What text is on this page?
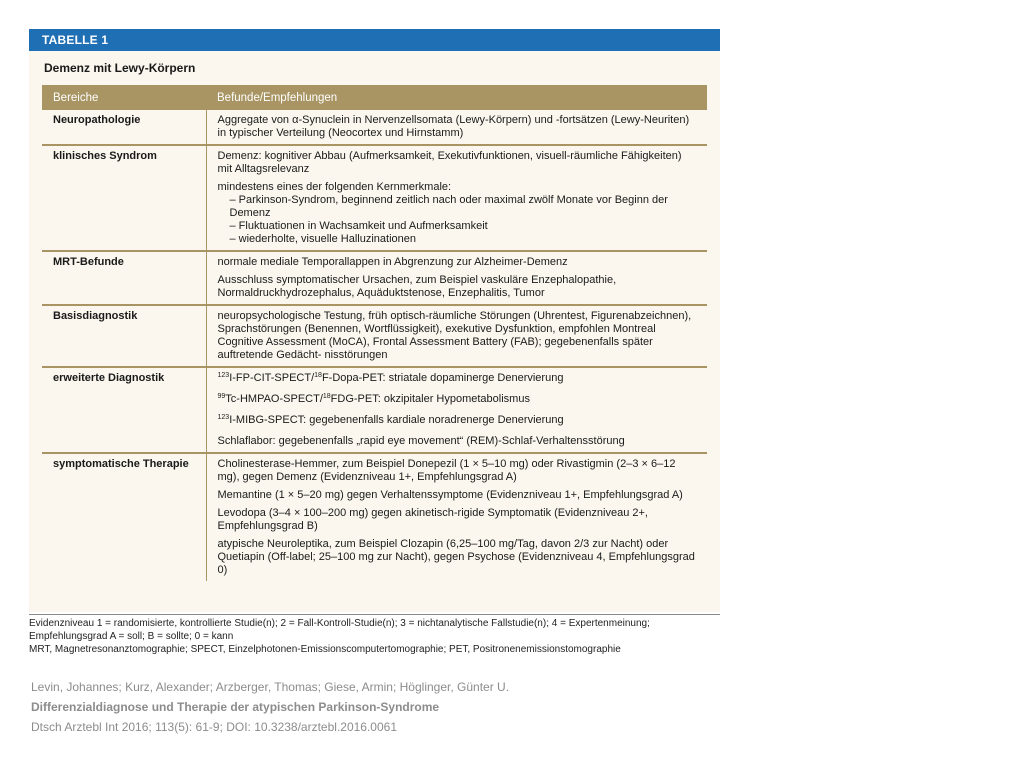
TABELLE 1
Demenz mit Lewy-Körpern
Bereiche	Befunde/Empfehlungen
Neuropathologie	Aggregate von α-Synuclein in Nervenzellsomata (Lewy-Körpern) und -fortsätzen (Lewy-Neuriten) in typischer Verteilung (Neocortex und Hirnstamm)

klinisches Syndrom	Demenz: kognitiver Abbau (Aufmerksamkeit, Exekutivfunktionen, visuell-räumliche Fähigkeiten) mit Alltagsrelevanz
mindestens eines der folgenden Kernmerkmale:
– Parkinson-Syndrom, beginnend zeitlich nach oder maximal zwölf Monate vor Beginn der Demenz
– Fluktuationen in Wachsamkeit und Aufmerksamkeit
– wiederholte, visuelle Halluzinationen

MRT-Befunde	normale mediale Temporallappen in Abgrenzung zur Alzheimer-Demenz
Ausschluss symptomatischer Ursachen, zum Beispiel vaskuläre Enzephalopathie, Normaldruckhydrozephalus, Aquäduktstenose, Enzephalitis, Tumor

Basisdiagnostik	neuropsychologische Testung, früh optisch-räumliche Störungen (Uhrentest, Figurenabzeichnen), Sprachstörungen (Benennen, Wortflüssigkeit), exekutive Dysfunktion, empfohlen Montreal Cognitive Assessment (MoCA), Frontal Assessment Battery (FAB); gegebenenfalls später auftretende Gedächt- nisstörungen

erweiterte Diagnostik	$^{123}$I-FP-CIT-SPECT/$^{18}$F-Dopa-PET: striatale dopaminerge Denervierung
$^{99}$Tc-HMPAO-SPECT/$^{18}$FDG-PET: okzipitaler Hypometabolismus
$^{123}$I-MIBG-SPECT: gegebenenfalls kardiale noradrenerge Denervierung
Schlaflabor: gegebenenfalls „rapid eye movement“ (REM)-Schlaf-Verhaltensstörung

symptomatische Therapie	Cholinesterase-Hemmer, zum Beispiel Donepezil (1 × 5–10 mg) oder Rivastigmin (2–3 × 6–12 mg), gegen Demenz (Evidenzniveau 1+, Empfehlungsgrad A)
Memantine (1 × 5–20 mg) gegen Verhaltenssymptome (Evidenzniveau 1+, Empfehlungsgrad A)
Levodopa (3–4 × 100–200 mg) gegen akinetisch-rigide Symptomatik (Evidenzniveau 2+, Empfehlungsgrad B)
atypische Neuroleptika, zum Beispiel Clozapin (6,25–100 mg/Tag, davon 2/3 zur Nacht) oder Quetiapin (Off-label; 25–100 mg zur Nacht), gegen Psychose (Evidenzniveau 4, Empfehlungsgrad 0)
Evidenzniveau 1 = randomisierte, kontrollierte Studie(n); 2 = Fall-Kontroll-Studie(n); 3 = nichtanalytische Fallstudie(n); 4 = Expertenmeinung;
Empfehlungsgrad A = soll; B = sollte; 0 = kann
MRT, Magnetresonanztomographie; SPECT, Einzelphotonen-Emissionscomputertomographie; PET, Positronenemissionstomographie
Levin, Johannes; Kurz, Alexander; Arzberger, Thomas; Giese, Armin; Höglinger, Günter U.
Differenzialdiagnose und Therapie der atypischen Parkinson-Syndrome
Dtsch Arztebl Int 2016; 113(5): 61-9; DOI: 10.3238/arztebl.2016.0061
